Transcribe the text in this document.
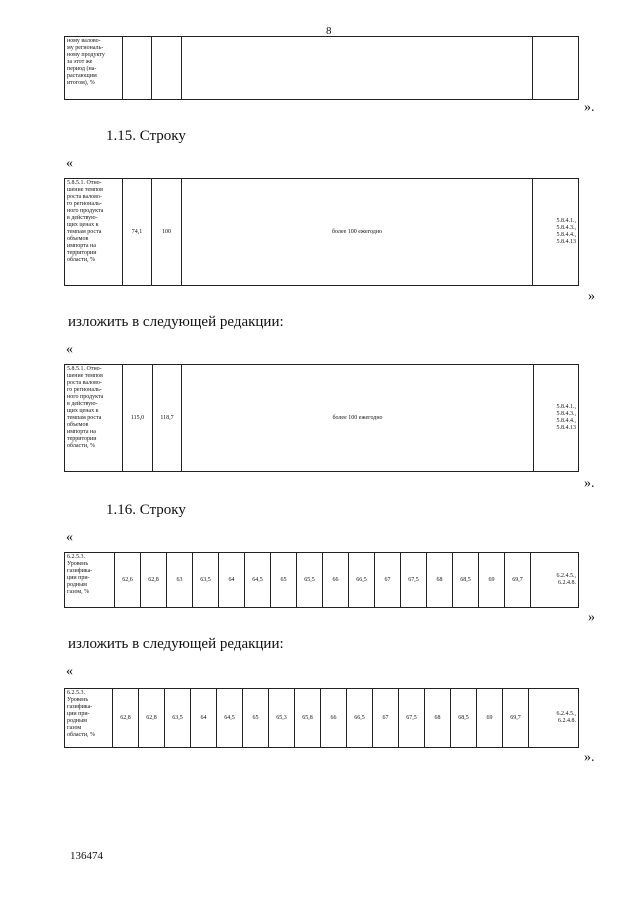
8
ному валово-
му региональ-
ному продукту
за этот же
период (на-
растающим
итогом), %				
».
1.15. Строку
«
5.8.5.1. Отно-
шение темпов
роста валово-
го региональ-
ного продукта
в действую-
щих ценах к
темпам роста
объемов
импорта на
территории
области, %	74,1	100	более 100 ежегодно	5.8.4.1.,
5.8.4.3.,
5.8.4.4.,
5.8.4.13
»
изложить в следующей редакции:
«
5.8.5.1. Отно-
шение темпов
роста валово-
го региональ-
ного продукта
в действую-
щих ценах к
темпам роста
объемов
импорта на
территории
области, %	115,0	118,7	более 100 ежегодно	5.8.4.1.,
5.8.4.3.,
5.8.4.4.,
5.8.4.13
».
1.16. Строку
«
6.2.5.3.
Уровень
газифика-
ции при-
родным
газом, %	62,6	62,8	63	63,5	64	64,5	65	65,5	66	66,5	67	67,5	68	68,5	69	69,7	6.2.4.5.,
6.2.4.8.
»
изложить в следующей редакции:
«
6.2.5.3.
Уровень
газифика-
ции при-
родным
газом
области, %	62,8	62,8	63,5	64	64,5	65	65,3	65,8	66	66,5	67	67,5	68	68,5	69	69,7	6.2.4.5.,
6.2.4.8.
».
136474
